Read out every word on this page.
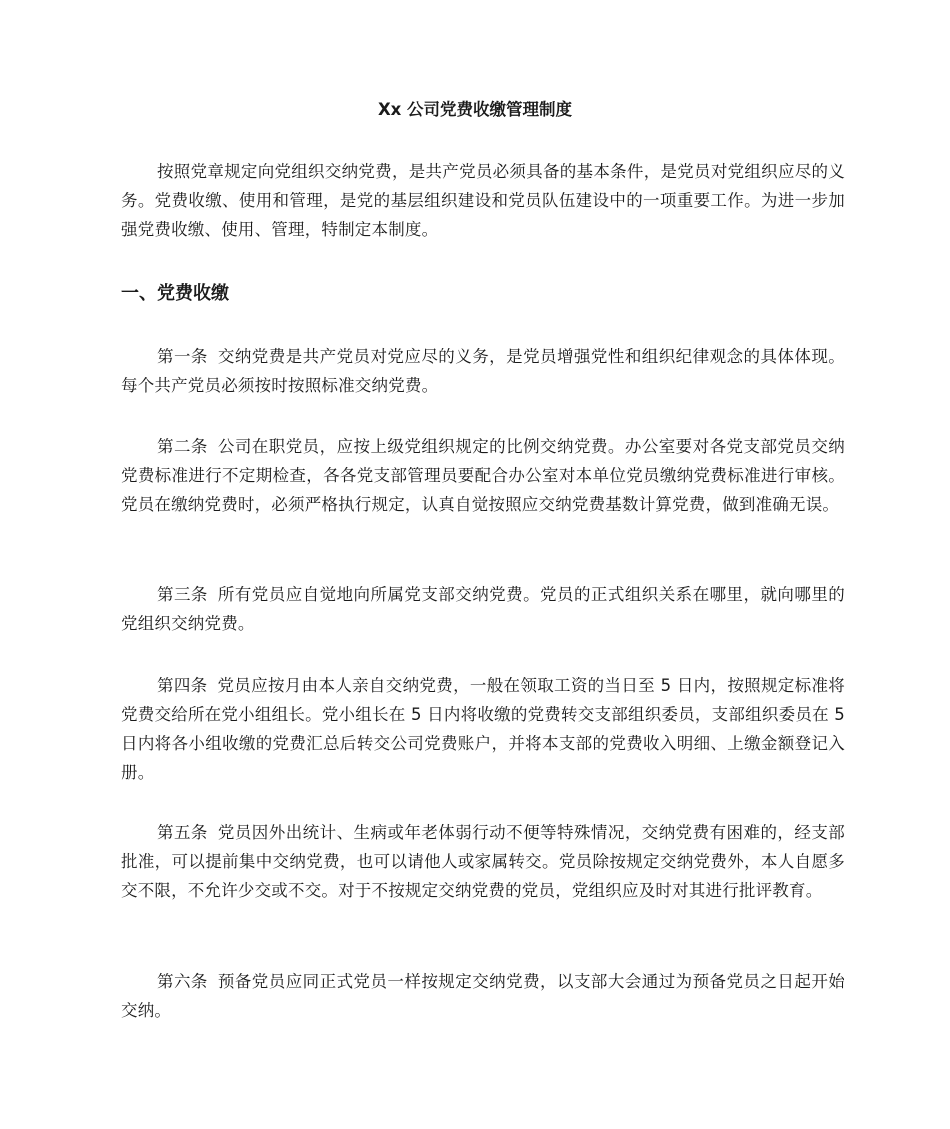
Xx 公司党费收缴管理制度

按照党章规定向党组织交纳党费，是共产党员必须具备的基本条件，是党员对党组织应尽的义务。党费收缴、使用和管理，是党的基层组织建设和党员队伍建设中的一项重要工作。为进一步加强党费收缴、使用、管理，特制定本制度。

一、党费收缴

第一条 交纳党费是共产党员对党应尽的义务，是党员增强党性和组织纪律观念的具体体现。每个共产党员必须按时按照标准交纳党费。

第二条 公司在职党员，应按上级党组织规定的比例交纳党费。办公室要对各党支部党员交纳党费标准进行不定期检查，各各党支部管理员要配合办公室对本单位党员缴纳党费标准进行审核。党员在缴纳党费时，必须严格执行规定，认真自觉按照应交纳党费基数计算党费，做到准确无误。

第三条 所有党员应自觉地向所属党支部交纳党费。党员的正式组织关系在哪里，就向哪里的党组织交纳党费。

第四条 党员应按月由本人亲自交纳党费，一般在领取工资的当日至 5 日内，按照规定标准将党费交给所在党小组组长。党小组长在 5 日内将收缴的党费转交支部组织委员，支部组织委员在 5 日内将各小组收缴的党费汇总后转交公司党费账户，并将本支部的党费收入明细、上缴金额登记入册。

第五条 党员因外出统计、生病或年老体弱行动不便等特殊情况，交纳党费有困难的，经支部批准，可以提前集中交纳党费，也可以请他人或家属转交。党员除按规定交纳党费外，本人自愿多交不限，不允许少交或不交。对于不按规定交纳党费的党员，党组织应及时对其进行批评教育。

第六条 预备党员应同正式党员一样按规定交纳党费，以支部大会通过为预备党员之日起开始交纳。
